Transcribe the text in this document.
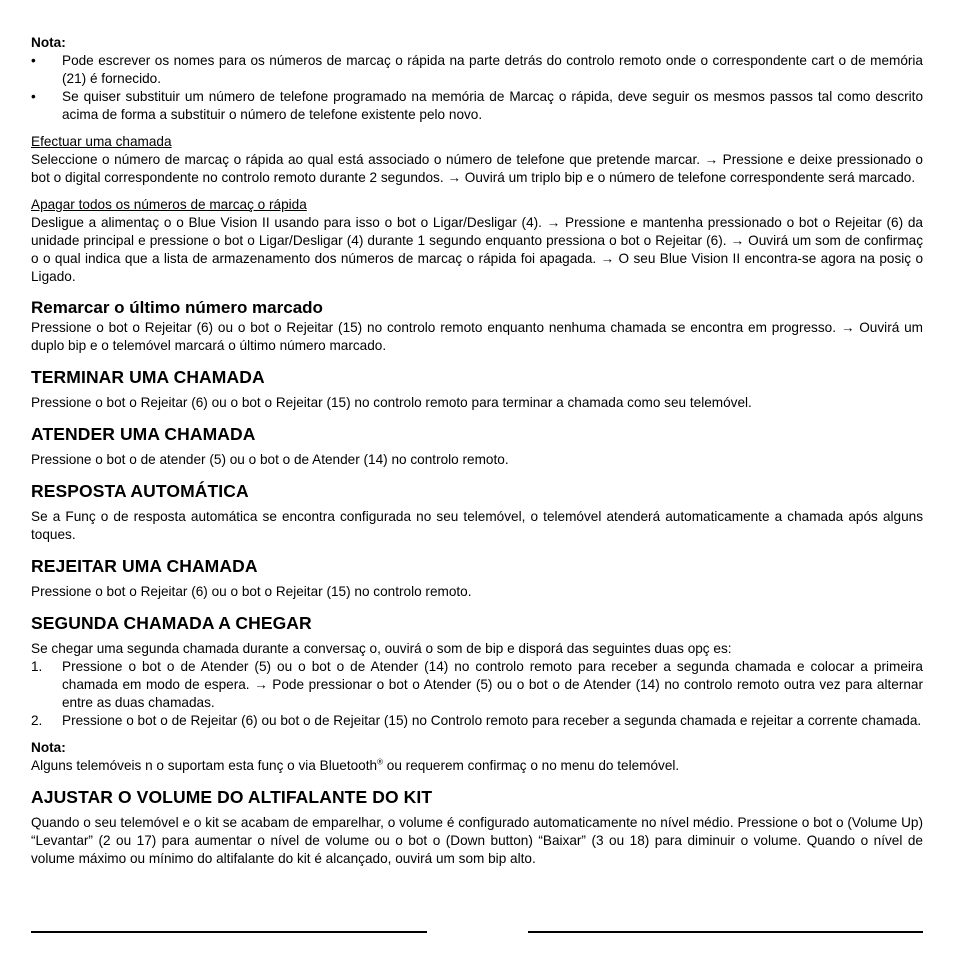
Nota:

• Pode escrever os nomes para os números de marcaç o rápida na parte detrás do controlo remoto onde o correspondente cart o de memória (21) é fornecido.
• Se quiser substituir um número de telefone programado na memória de Marcaç o rápida, deve seguir os mesmos passos tal como descrito acima de forma a substituir o número de telefone existente pelo novo.

Efectuar uma chamada

Seleccione o número de marcaç o rápida ao qual está associado o número de telefone que pretende marcar. → Pressione e deixe pressionado o bot o digital correspondente no controlo remoto durante 2 segundos. → Ouvirá um triplo bip e o número de telefone correspondente será marcado.

Apagar todos os números de marcaç o rápida

Desligue a alimentaç o o Blue Vision II usando para isso o bot o Ligar/Desligar (4). → Pressione e mantenha pressionado o bot o Rejeitar (6) da unidade principal e pressione o bot o Ligar/Desligar (4) durante 1 segundo enquanto pressiona o bot o Rejeitar (6). → Ouvirá um som de confirmaç o o qual indica que a lista de armazenamento dos números de marcaç o rápida foi apagada. → O seu Blue Vision II encontra-se agora na posiç o Ligado.

Remarcar o último número marcado

Pressione o bot o Rejeitar (6) ou o bot o Rejeitar (15) no controlo remoto enquanto nenhuma chamada se encontra em progresso. → Ouvirá um duplo bip e o telemóvel marcará o último número marcado.

TERMINAR UMA CHAMADA

Pressione o bot o Rejeitar (6) ou o bot o Rejeitar (15) no controlo remoto para terminar a chamada como seu telemóvel.

ATENDER UMA CHAMADA

Pressione o bot o de atender (5) ou o bot o de Atender (14) no controlo remoto.

RESPOSTA AUTOMÁTICA

Se a Funç o de resposta automática se encontra configurada no seu telemóvel, o telemóvel atenderá automaticamente a chamada após alguns toques.

REJEITAR UMA CHAMADA

Pressione o bot o Rejeitar (6) ou o bot o Rejeitar (15) no controlo remoto.

SEGUNDA CHAMADA A CHEGAR

Se chegar uma segunda chamada durante a conversaç o, ouvirá o som de bip e disporá das seguintes duas opç es:

1. Pressione o bot o de Atender (5) ou o bot o de Atender (14) no controlo remoto para receber a segunda chamada e colocar a primeira chamada em modo de espera. → Pode pressionar o bot o Atender (5) ou o bot o de Atender (14) no controlo remoto outra vez para alternar entre as duas chamadas.
2. Pressione o bot o de Rejeitar (6) ou bot o de Rejeitar (15) no Controlo remoto para receber a segunda chamada e rejeitar a corrente chamada.

Nota:

Alguns telemóveis n o suportam esta funç o via Bluetooth® ou requerem confirmaç o no menu do telemóvel.

AJUSTAR O VOLUME DO ALTIFALANTE DO KIT

Quando o seu telemóvel e o kit se acabam de emparelhar, o volume é configurado automaticamente no nível médio. Pressione o bot o (Volume Up) “Levantar” (2 ou 17) para aumentar o nível de volume ou o bot o (Down button) “Baixar” (3 ou 18) para diminuir o volume. Quando o nível de volume máximo ou mínimo do altifalante do kit é alcançado, ouvirá um som bip alto.
